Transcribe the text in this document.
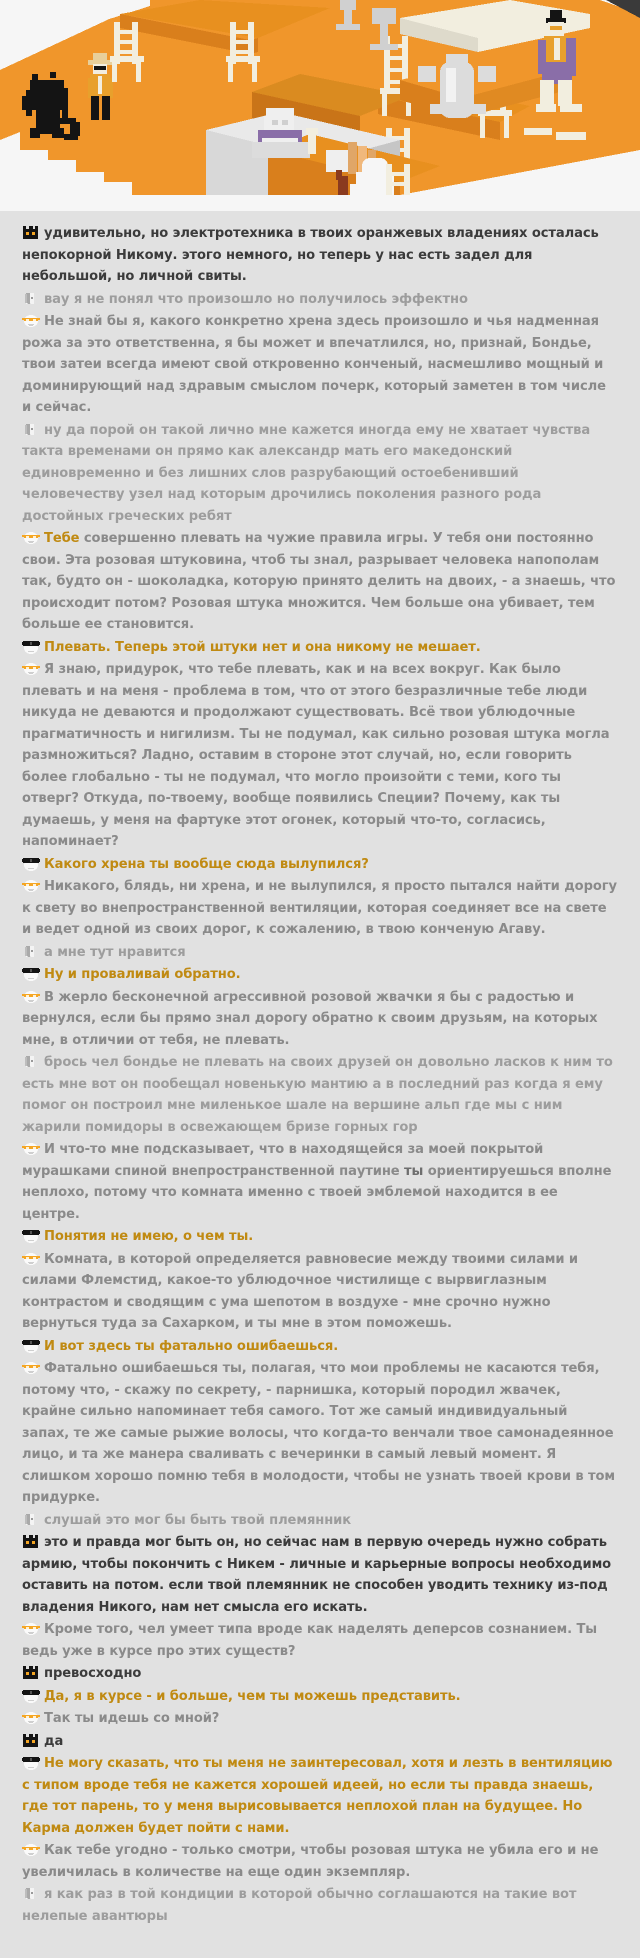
удивительно, но электротехника в твоих оранжевых владениях осталась непокорной Никому. этого немного, но теперь у нас есть задел для небольшой, но личной свиты.

вау я не понял что произошло но получилось эффектно

Не знай бы я, какого конкретно хрена здесь произошло и чья надменная рожа за это ответственна, я бы может и впечатлился, но, признай, Бондье, твои затеи всегда имеют свой откровенно конченый, насмешливо мощный и доминирующий над здравым смыслом почерк, который заметен в том числе и сейчас.

ну да порой он такой лично мне кажется иногда ему не хватает чувства такта временами он прямо как александр мать его македонский единовременно и без лишних слов разрубающий остоебенивший человечеству узел над которым дрочились поколения разного рода достойных греческих ребят

Тебе совершенно плевать на чужие правила игры. У тебя они постоянно свои. Эта розовая штуковина, чтоб ты знал, разрывает человека напополам так, будто он - шоколадка, которую принято делить на двоих, - а знаешь, что происходит потом? Розовая штука множится. Чем больше она убивает, тем больше ее становится.

Плевать. Теперь этой штуки нет и она никому не мешает.

Я знаю, придурок, что тебе плевать, как и на всех вокруг. Как было плевать и на меня - проблема в том, что от этого безразличные тебе люди никуда не деваются и продолжают существовать. Всё твои ублюдочные прагматичность и нигилизм. Ты не подумал, как сильно розовая штука могла размножиться? Ладно, оставим в стороне этот случай, но, если говорить более глобально - ты не подумал, что могло произойти с теми, кого ты отверг? Откуда, по-твоему, вообще появились Специи? Почему, как ты думаешь, у меня на фартуке этот огонек, который что-то, согласись, напоминает?

Какого хрена ты вообще сюда вылупился?

Никакого, блядь, ни хрена, и не вылупился, я просто пытался найти дорогу к свету во внепространственной вентиляции, которая соединяет все на свете и ведет одной из своих дорог, к сожалению, в твою конченую Агаву.

а мне тут нравится

Ну и проваливай обратно.

В жерло бесконечной агрессивной розовой жвачки я бы с радостью и вернулся, если бы прямо знал дорогу обратно к своим друзьям, на которых мне, в отличии от тебя, не плевать.

брось чел бондье не плевать на своих друзей он довольно ласков к ним то есть мне вот он пообещал новенькую мантию а в последний раз когда я ему помог он построил мне миленькое шале на вершине альп где мы с ним жарили помидоры в освежающем бризе горных гор

И что-то мне подсказывает, что в находящейся за моей покрытой мурашками спиной внепространственной паутине ты ориентируешься вполне неплохо, потому что комната именно с твоей эмблемой находится в ее центре.

Понятия не имею, о чем ты.

Комната, в которой определяется равновесие между твоими силами и силами Флемстид, какое-то ублюдочное чистилище с вырвиглазным контрастом и сводящим с ума шепотом в воздухе - мне срочно нужно вернуться туда за Сахарком, и ты мне в этом поможешь.

И вот здесь ты фатально ошибаешься.

Фатально ошибаешься ты, полагая, что мои проблемы не касаются тебя, потому что, - скажу по секрету, - парнишка, который породил жвачек, крайне сильно напоминает тебя самого. Тот же самый индивидуальный запах, те же самые рыжие волосы, что когда-то венчали твое самонадеянное лицо, и та же манера сваливать с вечеринки в самый левый момент. Я слишком хорошо помню тебя в молодости, чтобы не узнать твоей крови в том придурке.

слушай это мог бы быть твой племянник

это и правда мог быть он, но сейчас нам в первую очередь нужно собрать армию, чтобы покончить с Никем - личные и карьерные вопросы необходимо оставить на потом. если твой племянник не способен уводить технику из-под владения Никого, нам нет смысла его искать.

Кроме того, чел умеет типа вроде как наделять деперсов сознанием. Ты ведь уже в курсе про этих существ?

превосходно

Да, я в курсе - и больше, чем ты можешь представить.

Так ты идешь со мной?

да

Не могу сказать, что ты меня не заинтересовал, хотя и лезть в вентиляцию с типом вроде тебя не кажется хорошей идеей, но если ты правда знаешь, где тот парень, то у меня вырисовывается неплохой план на будущее. Но Карма должен будет пойти с нами.

Как тебе угодно - только смотри, чтобы розовая штука не убила его и не увеличилась в количестве на еще один экземпляр.

я как раз в той кондиции в которой обычно соглашаются на такие вот нелепые авантюры
